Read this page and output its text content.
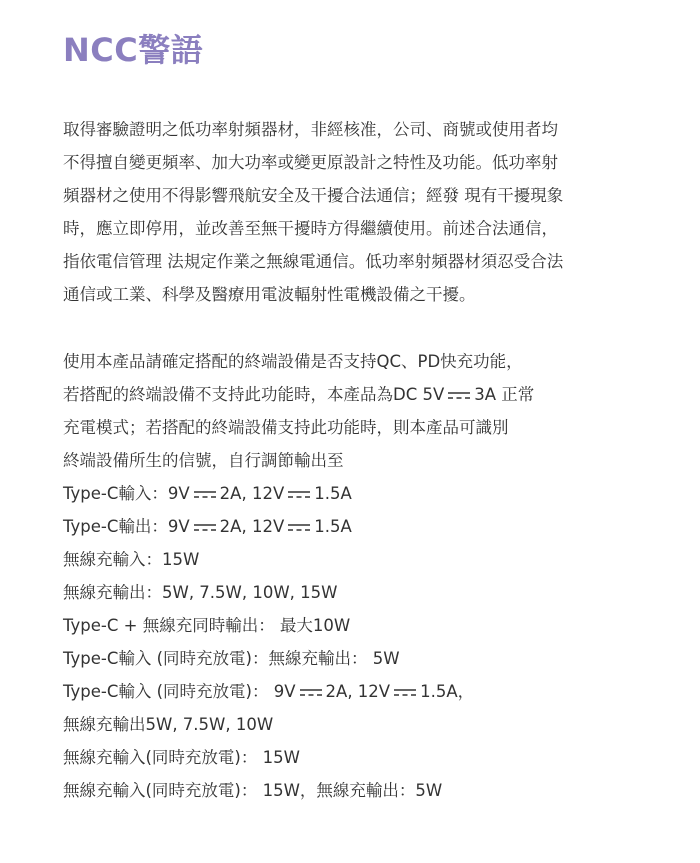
NCC警語
取得審驗證明之低功率射頻器材，非經核准，公司、商號或使用者均
不得擅自變更頻率、加大功率或變更原設計之特性及功能。低功率射
頻器材之使用不得影響飛航安全及干擾合法通信；經發 現有干擾現象
時，應立即停用，並改善至無干擾時方得繼續使用。前述合法通信，
指依電信管理 法規定作業之無線電通信。低功率射頻器材須忍受合法
通信或工業、科學及醫療用電波輻射性電機設備之干擾。
使用本產品請確定搭配的終端設備是否支持QC、PD快充功能，
若搭配的終端設備不支持此功能時，本產品為DC 5V 3A 正常
充電模式；若搭配的終端設備支持此功能時，則本產品可識別
終端設備所生的信號，自行調節輸出至
Type-C輸入：9V 2A, 12V 1.5A
Type-C輸出：9V 2A, 12V 1.5A
無線充輸入：15W
無線充輸出：5W, 7.5W, 10W, 15W
Type-C + 無線充同時輸出： 最大10W
Type-C輸入 (同時充放電)：無線充輸出： 5W
Type-C輸入 (同時充放電)： 9V 2A, 12V 1.5A，
無線充輸出5W, 7.5W, 10W
無線充輸入(同時充放電)： 15W
無線充輸入(同時充放電)： 15W，無線充輸出：5W
